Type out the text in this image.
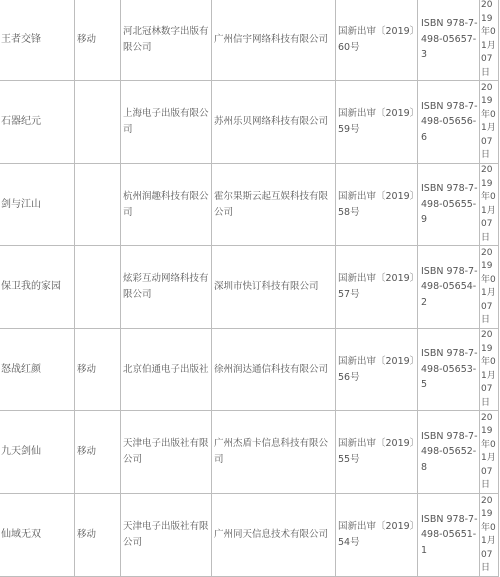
王者交锋	移动	河北冠林数字出版有限公司	广州信宇网络科技有限公司	国新出审〔2019〕60号	ISBN 978-7-498-05657-3	2019年01月07日
石器纪元		上海电子出版有限公司	苏州乐贝网络科技有限公司	国新出审〔2019〕59号	ISBN 978-7-498-05656-6	2019年01月07日
剑与江山		杭州润趣科技有限公司	霍尔果斯云起互娱科技有限公司	国新出审〔2019〕58号	ISBN 978-7-498-05655-9	2019年01月07日
保卫我的家园		炫彩互动网络科技有限公司	深圳市快订科技有限公司	国新出审〔2019〕57号	ISBN 978-7-498-05654-2	2019年01月07日
怒战红颜	移动	北京伯通电子出版社	徐州润达通信科技有限公司	国新出审〔2019〕56号	ISBN 978-7-498-05653-5	2019年01月07日
九天剑仙	移动	天津电子出版社有限公司	广州杰盾卡信息科技有限公司	国新出审〔2019〕55号	ISBN 978-7-498-05652-8	2019年01月07日
仙域无双	移动	天津电子出版社有限公司	广州同天信息技术有限公司	国新出审〔2019〕54号	ISBN 978-7-498-05651-1	2019年01月07日
